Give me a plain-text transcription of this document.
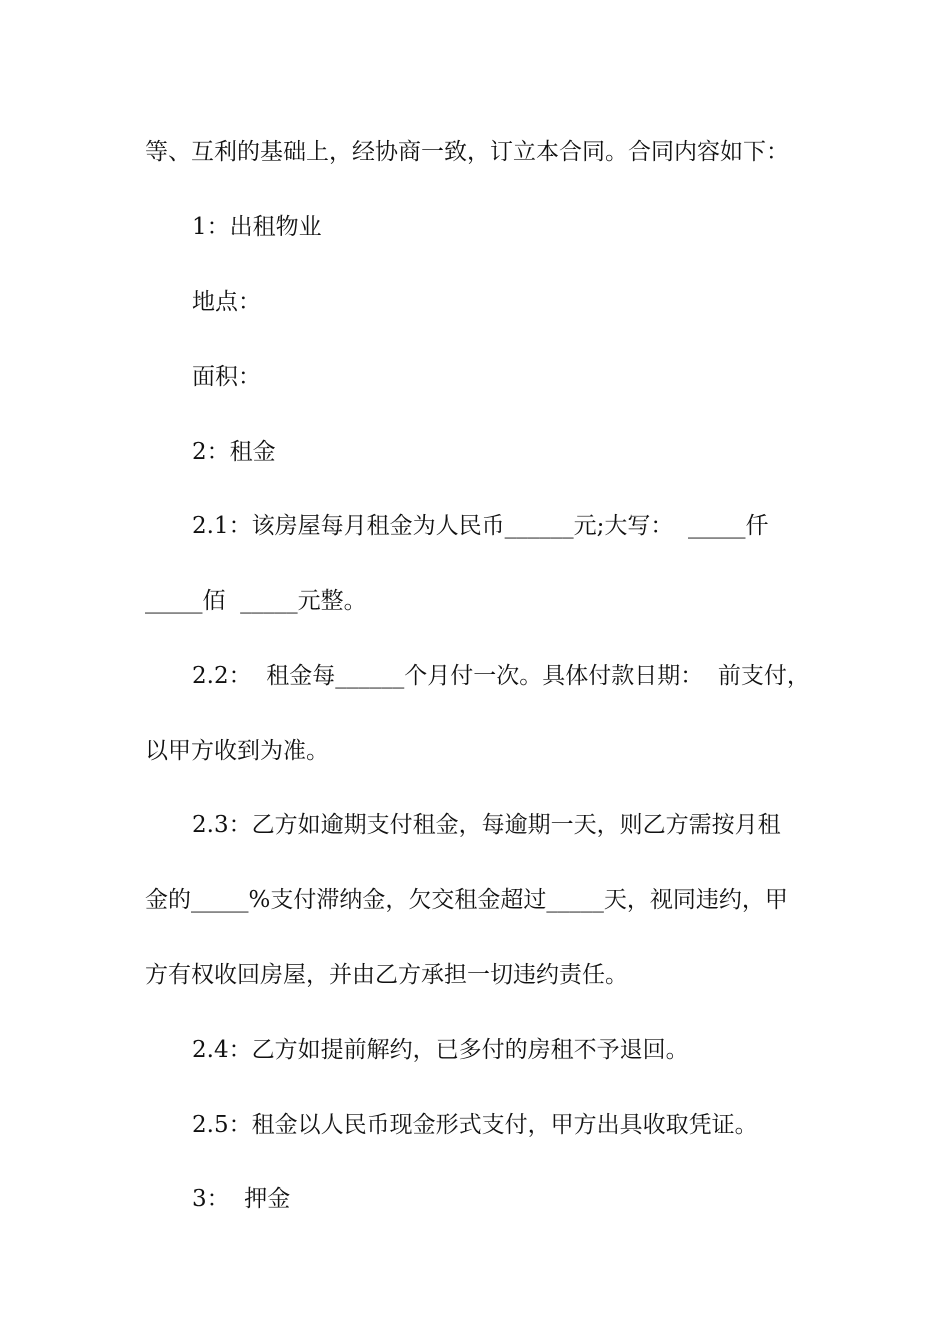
等、互利的基础上，经协商一致，订立本合同。合同内容如下：
1：出租物业
地点：
面积：
2：租金
2.1：该房屋每月租金为人民币______元;大写：  _____仟
_____佰  _____元整。
2.2：  租金每______个月付一次。具体付款日期：  前支付，
以甲方收到为准。
2.3：乙方如逾期支付租金，每逾期一天，则乙方需按月租
金的_____%支付滞纳金，欠交租金超过_____天，视同违约，甲
方有权收回房屋，并由乙方承担一切违约责任。
2.4：乙方如提前解约，已多付的房租不予退回。
2.5：租金以人民币现金形式支付，甲方出具收取凭证。
3：  押金
